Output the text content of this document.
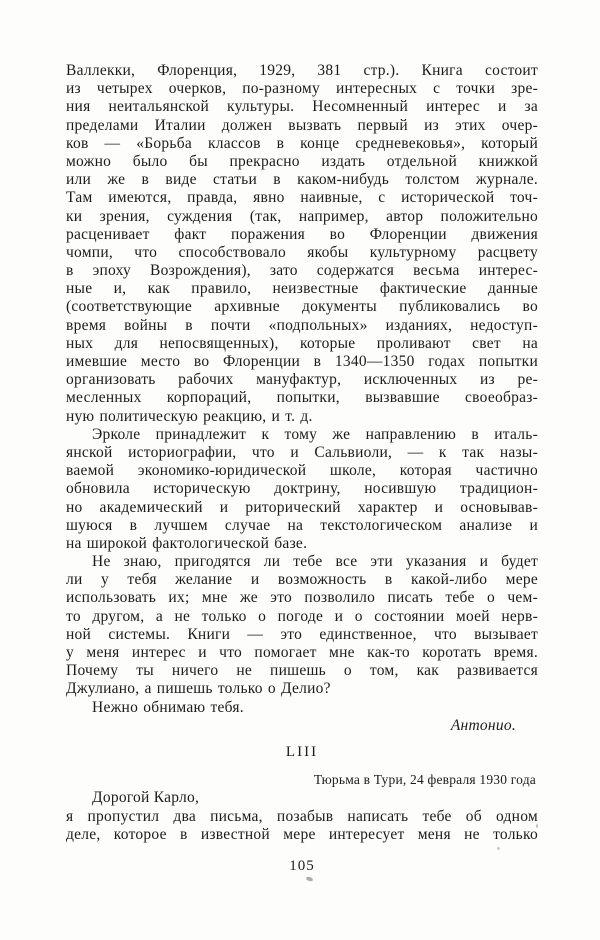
Валлекки, Флоренция, 1929, 381 стр.). Книга состоит
из четырех очерков, по-разному интересных с точки зре-
ния неитальянской культуры. Несомненный интерес и за
пределами Италии должен вызвать первый из этих очер-
ков — «Борьба классов в конце средневековья», который
можно было бы прекрасно издать отдельной книжкой
или же в виде статьи в каком-нибудь толстом журнале.
Там имеются, правда, явно наивные, с исторической точ-
ки зрения, суждения (так, например, автор положительно
расценивает факт поражения во Флоренции движения
чомпи, что способствовало якобы культурному расцвету
в эпоху Возрождения), зато содержатся весьма интерес-
ные и, как правило, неизвестные фактические данные
(соответствующие архивные документы публиковались во
время войны в почти «подпольных» изданиях, недоступ-
ных для непосвященных), которые проливают свет на
имевшие место во Флоренции в 1340—1350 годах попытки
организовать рабочих мануфактур, исключенных из ре-
месленных корпораций, попытки, вызвавшие своеобраз-
ную политическую реакцию, и т. д.
Эрколе принадлежит к тому же направлению в италь-
янской историографии, что и Сальвиоли, — к так назы-
ваемой экономико-юридической школе, которая частично
обновила историческую доктрину, носившую традицион-
но академический и риторический характер и основывав-
шуюся в лучшем случае на текстологическом анализе и
на широкой фактологической базе.
Не знаю, пригодятся ли тебе все эти указания и будет
ли у тебя желание и возможность в какой-либо мере
использовать их; мне же это позволило писать тебе о чем-
то другом, а не только о погоде и о состоянии моей нерв-
ной системы. Книги — это единственное, что вызывает
у меня интерес и что помогает мне как-то коротать время.
Почему ты ничего не пишешь о том, как развивается
Джулиано, а пишешь только о Делио?
Нежно обнимаю тебя.
Антонио.
LIII
Тюрьма в Тури, 24 февраля 1930 года
Дорогой Карло,
я пропустил два письма, позабыв написать тебе об одном
деле, которое в известной мере интересует меня не только
105
